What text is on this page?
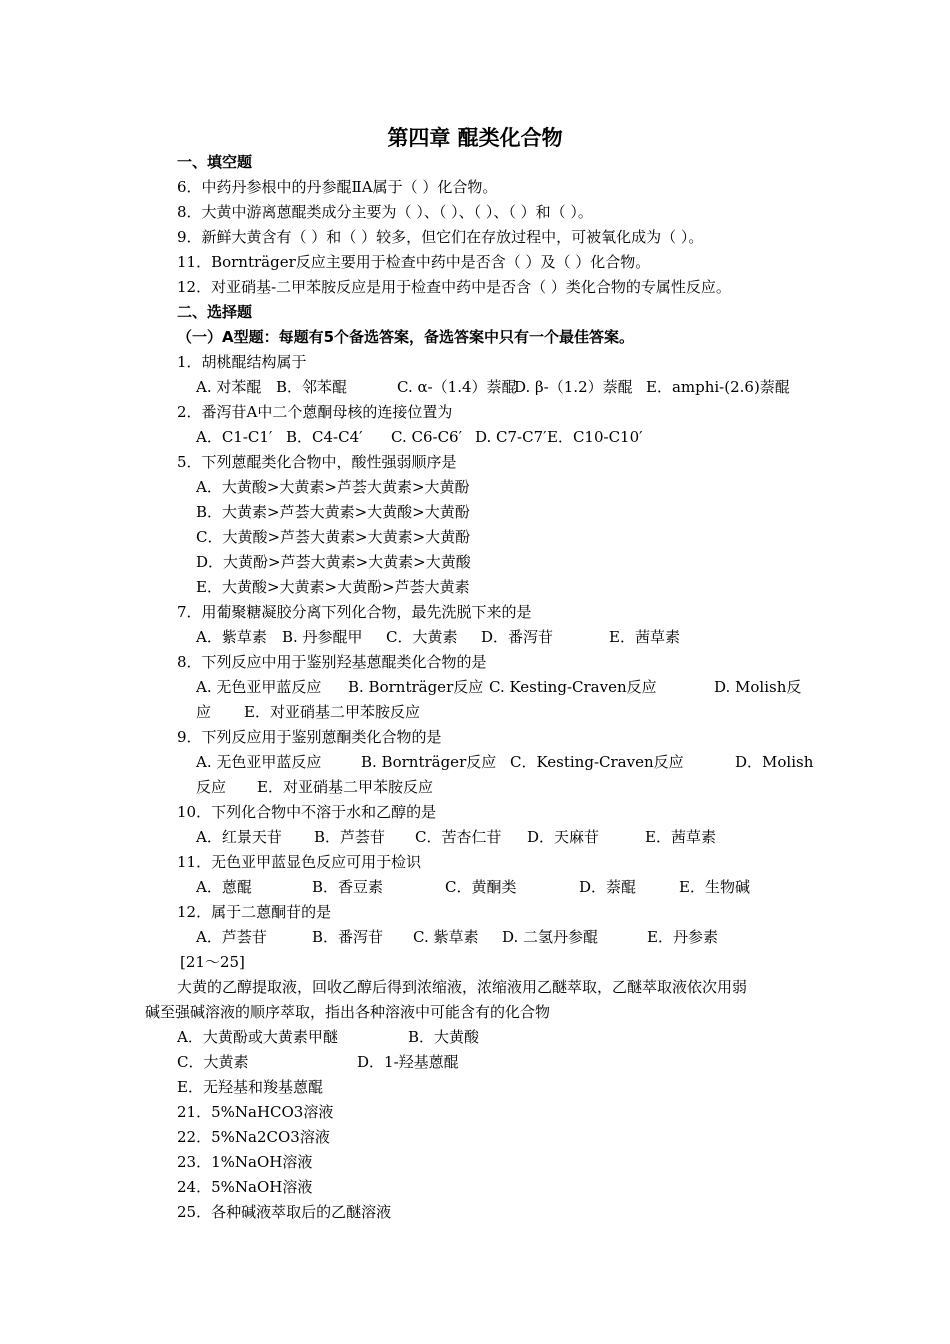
第四章 醌类化合物
一、填空题
6．中药丹参根中的丹参醌ⅡA属于（ ）化合物。
8．大黄中游离蒽醌类成分主要为（ ）、（ ）、（ ）、（ ）和（ ）。
9．新鲜大黄含有（ ）和（ ）较多，但它们在存放过程中，可被氧化成为（ ）。
11．Bornträger反应主要用于检查中药中是否含（ ）及（ ）化合物。
12．对亚硝基-二甲苯胺反应是用于检查中药中是否含（ ）类化合物的专属性反应。
二、选择题
（一）A型题：每题有5个备选答案，备选答案中只有一个最佳答案。
1．胡桃醌结构属于
A. 对苯醌 B．邻苯醌	C. α-（1.4）萘醌D. β-（1.2）萘醌 E．amphi-(2.6)萘醌
2．番泻苷A中二个蒽酮母核的连接位置为
A．C1-C1′ B．C4-C4′ C. C6-C6′ D. C7-C7′E．C10-C10′
5．下列蒽醌类化合物中，酸性强弱顺序是
A．大黄酸>大黄素>芦荟大黄素>大黄酚
B．大黄素>芦荟大黄素>大黄酸>大黄酚
C．大黄酸>芦荟大黄素>大黄素>大黄酚
D．大黄酚>芦荟大黄素>大黄素>大黄酸
E．大黄酸>大黄素>大黄酚>芦荟大黄素
7．用葡聚糖凝胶分离下列化合物，最先洗脱下来的是
A．紫草素 B. 丹参醌甲 C．大黄素 D．番泻苷	E．茜草素
8．下列反应中用于鉴别羟基蒽醌类化合物的是
A. 无色亚甲蓝反应 B. Bornträger反应 C. Kesting-Craven反应	D. Molish反
应 E．对亚硝基二甲苯胺反应
9．下列反应用于鉴别蒽酮类化合物的是
A. 无色亚甲蓝反应	B. Bornträger反应 C．Kesting-Craven反应	D．Molish
反应 E．对亚硝基二甲苯胺反应
10．下列化合物中不溶于水和乙醇的是
A．红景天苷 B．芦荟苷 C．苦杏仁苷 D．天麻苷	E．茜草素
11．无色亚甲蓝显色反应可用于检识
A．蒽醌	B．香豆素	C．黄酮类	D．萘醌	E．生物碱
12．属于二蒽酮苷的是
A．芦荟苷	B．番泻苷 C. 紫草素 D. 二氢丹参醌	E．丹参素
[21～25]
大黄的乙醇提取液，回收乙醇后得到浓缩液，浓缩液用乙醚萃取，乙醚萃取液依次用弱
碱至强碱溶液的顺序萃取，指出各种溶液中可能含有的化合物
A．大黄酚或大黄素甲醚	B．大黄酸
C．大黄素	D．1-羟基蒽醌
E．无羟基和羧基蒽醌
21．5%NaHCO3溶液
22．5%Na2CO3溶液
23．1%NaOH溶液
24．5%NaOH溶液
25．各种碱液萃取后的乙醚溶液
